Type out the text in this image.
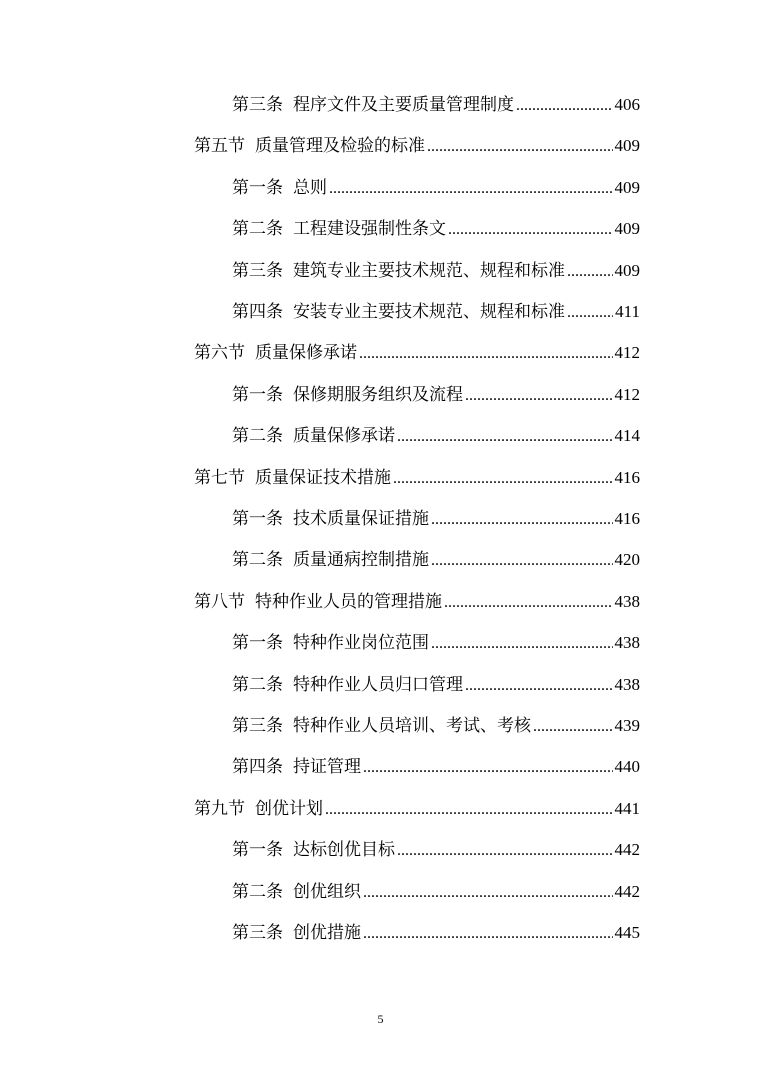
第三条 程序文件及主要质量管理制度 .....	406
第五节 质量管理及检验的标准 .....	409
第一条 总则 .....	409
第二条 工程建设强制性条文 .....	409
第三条 建筑专业主要技术规范、规程和标准 .....	409
第四条 安装专业主要技术规范、规程和标准 .....	411
第六节 质量保修承诺 .....	412
第一条 保修期服务组织及流程 .....	412
第二条 质量保修承诺 .....	414
第七节 质量保证技术措施 .....	416
第一条 技术质量保证措施 .....	416
第二条 质量通病控制措施 .....	420
第八节 特种作业人员的管理措施 .....	438
第一条 特种作业岗位范围 .....	438
第二条 特种作业人员归口管理 .....	438
第三条 特种作业人员培训、考试、考核 .....	439
第四条 持证管理 .....	440
第九节 创优计划 .....	441
第一条 达标创优目标 .....	442
第二条 创优组织 .....	442
第三条 创优措施 .....	445
5
